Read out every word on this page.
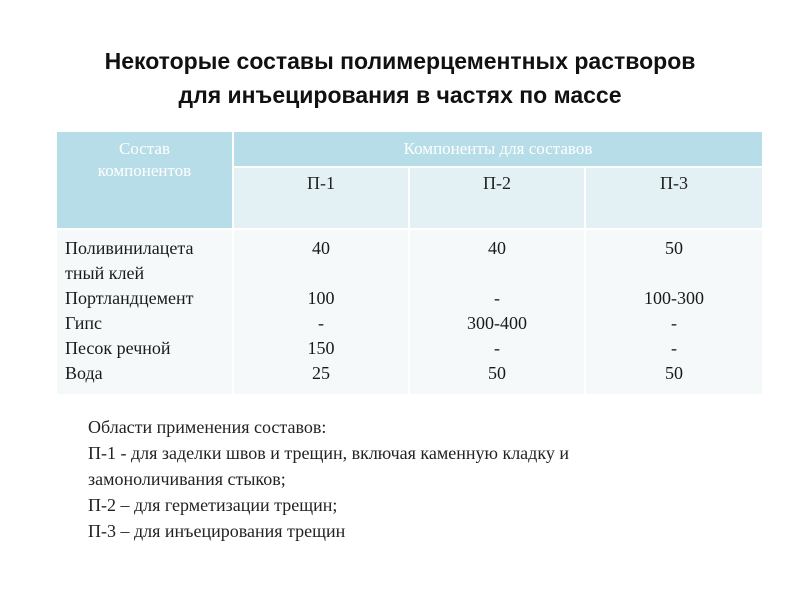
Некоторые составы полимерцементных растворов
для инъецирования в частях по массе
Состав
компонентов
Компоненты для составов
П-1	П-2	П-3
Поливинилацета
тный клей
Портландцемент
Гипс
Песок речной
Вода
40
100
-
150
25
40
-
300-400
-
50
50
100-300
-
-
50
Области применения составов:
П-1 - для заделки швов и трещин, включая каменную кладку и
замоноличивания стыков;
П-2 – для герметизации трещин;
П-3 – для инъецирования трещин
